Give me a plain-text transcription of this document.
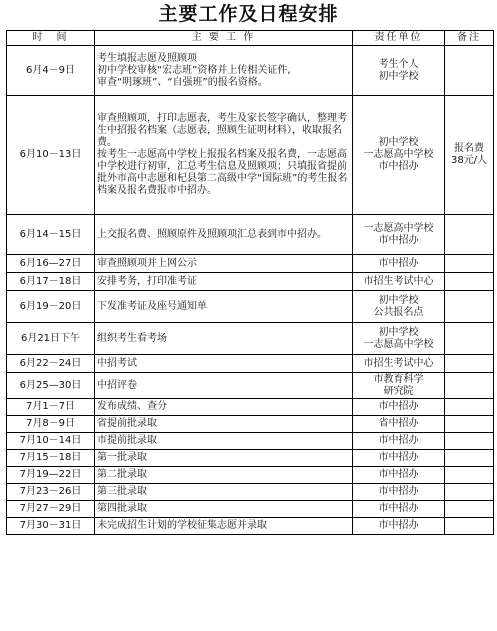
主要工作及日程安排
时　间	主 要 工 作	责任单位	备注
6月4－9日	考生填报志愿及照顾项
初中学校审核“宏志班”资格并上传相关证件,
审查“明琢班”、“自强班”的报名资格。	考生个人
初中学校	

6月10－13日	审查照顾项，打印志愿表，考生及家长签字确认，整理考生中招报名档案（志愿表，照顾生证明材料），收取报名费。
按考生一志愿高中学校上报报名档案及报名费，一志愿高中学校进行初审，汇总考生信息及照顾项；只填报省提前批外市高中志愿和杞县第二高级中学“国际班”的考生报名档案及报名费报市中招办。	初中学校
一志愿高中学校
市中招办	报名费
38元/人

6月14－15日	上交报名费、照顾原件及照顾项汇总表到市中招办。	一志愿高中学校
市中招办	

6月16—27日	审查照顾项并上网公示	市中招办	

6月17－18日	安排考务，打印准考证	市招生考试中心	

6月19－20日	下发准考证及座号通知单	初中学校
公共报名点	

6月21日下午	组织考生看考场	初中学校
一志愿高中学校	

6月22－24日	中招考试	市招生考试中心	

6月25—30日	中招评卷	市教育科学
研究院	

7月1－7日	发布成绩、查分	市中招办	

7月8－9日	省提前批录取	省中招办	

7月10－14日	市提前批录取	市中招办	

7月15－18日	第一批录取	市中招办	

7月19—22日	第二批录取	市中招办	

7月23－26日	第三批录取	市中招办	

7月27－29日	第四批录取	市中招办	

7月30－31日	未完成招生计划的学校征集志愿并录取	市中招办	
